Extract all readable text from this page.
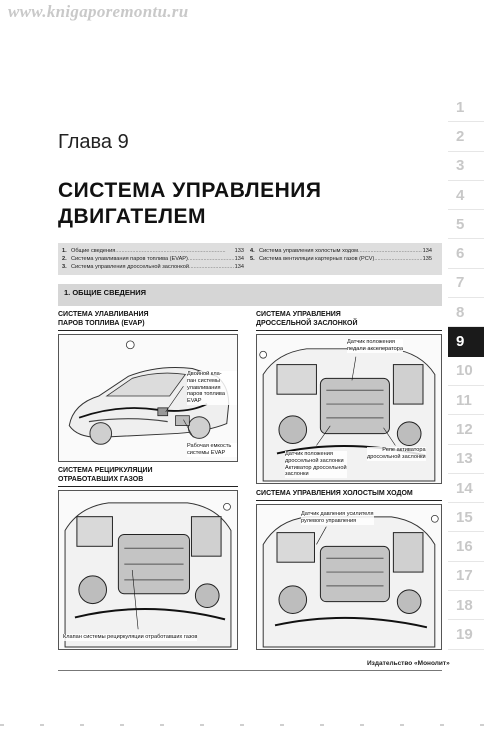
www.knigaporemontu.ru
Глава 9
СИСТЕМА УПРАВЛЕНИЯ
ДВИГАТЕЛЕМ
1. Общие сведения .....	133
2. Система улавливания паров топлива (EVAP) .....	134
3. Система управления дроссельной заслонкой .....	134
4. Система управления холостым ходом .....	134
5. Система вентиляции картерных газов (PCV) .....	135
1. ОБЩИЕ СВЕДЕНИЯ
СИСТЕМА УЛАВЛИВАНИЯ
ПАРОВ ТОПЛИВА (EVAP)
Двойной кла-
пан системы
улавливания
паров топлива
EVAP
Рабочая емкость
системы EVAP
СИСТЕМА УПРАВЛЕНИЯ
ДРОССЕЛЬНОЙ ЗАСЛОНКОЙ
Датчик положения
педали акселератора
Датчик положения
дроссельной заслонки
Активатор дроссельной
заслонки
Реле активатора
дроссельной заслонки
СИСТЕМА РЕЦИРКУЛЯЦИИ
ОТРАБОТАВШИХ ГАЗОВ
Клапан системы рециркуляции отработавших газов
СИСТЕМА УПРАВЛЕНИЯ ХОЛОСТЫМ ХОДОМ
Датчик давления усилителя
рулевого управления
Издательство «Монолит»
1
2
3
4
5
6
7
8
9
10
11
12
13
14
15
16
17
18
19
